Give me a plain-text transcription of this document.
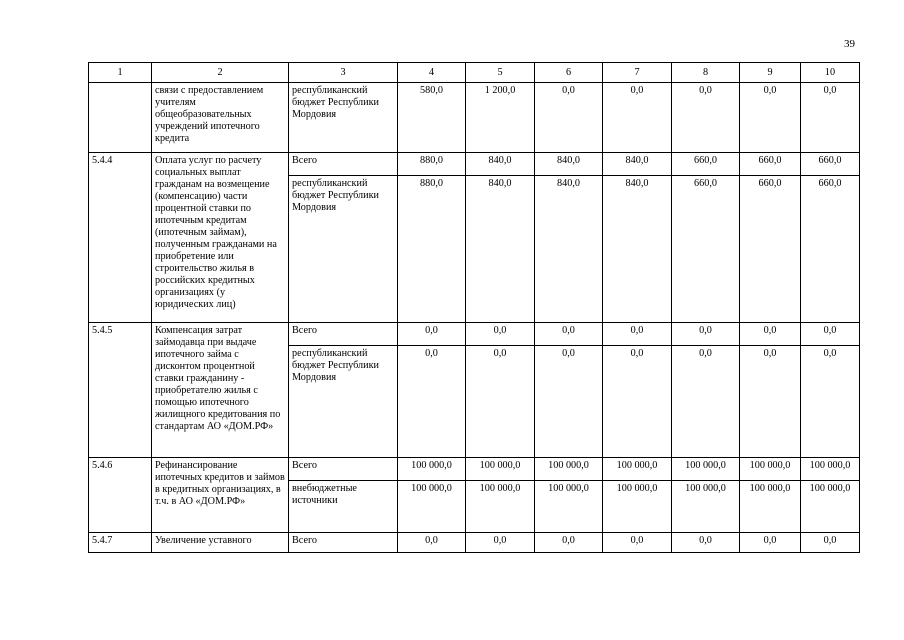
39
1	2	3	4	5	6	7	8	9	10
	связи с предоставлением учителям общеобразовательных учреждений ипотечного кредита	республиканский бюджет Республики Мордовия	580,0	1 200,0	0,0	0,0	0,0	0,0	0,0
5.4.4	Оплата услуг по расчету социальных выплат гражданам на возмещение (компенсацию) части процентной ставки по ипотечным кредитам (ипотечным займам), полученным гражданами на приобретение или строительство жилья в российских кредитных организациях (у юридических лиц)	Всего	880,0	840,0	840,0	840,0	660,0	660,0	660,0
		республиканский бюджет Республики Мордовия	880,0	840,0	840,0	840,0	660,0	660,0	660,0
5.4.5	Компенсация затрат займодавца при выдаче ипотечного займа с дисконтом процентной ставки гражданину - приобретателю жилья с помощью ипотечного жилищного кредитования по стандартам АО «ДОМ.РФ»	Всего	0,0	0,0	0,0	0,0	0,0	0,0	0,0
		республиканский бюджет Республики Мордовия	0,0	0,0	0,0	0,0	0,0	0,0	0,0
5.4.6	Рефинансирование ипотечных кредитов и займов в кредитных организациях, в т.ч. в АО «ДОМ.РФ»	Всего	100 000,0	100 000,0	100 000,0	100 000,0	100 000,0	100 000,0	100 000,0
		внебюджетные источники	100 000,0	100 000,0	100 000,0	100 000,0	100 000,0	100 000,0	100 000,0
5.4.7	Увеличение уставного	Всего	0,0	0,0	0,0	0,0	0,0	0,0	0,0
